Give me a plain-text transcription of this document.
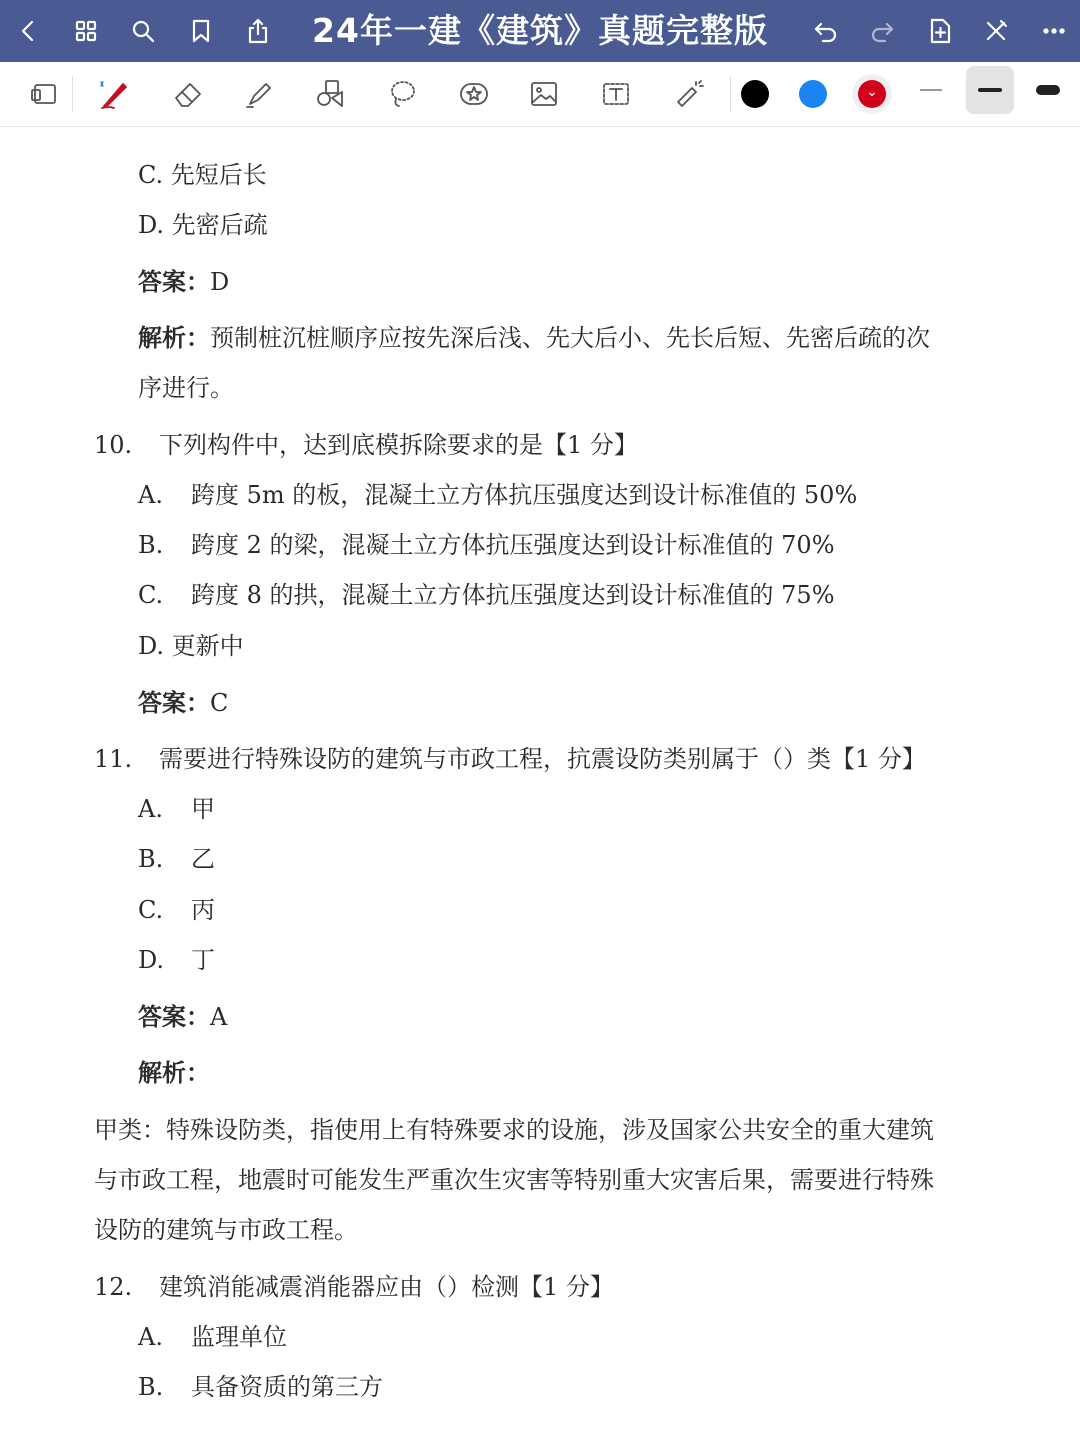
24年一建《建筑》真题完整版
⌄
C. 先短后长
D. 先密后疏
答案：D
解析：预制桩沉桩顺序应按先深后浅、先大后小、先长后短、先密后疏的次
序进行。
10. 下列构件中，达到底模拆除要求的是【1 分】
A. 跨度 5m 的板，混凝土立方体抗压强度达到设计标准值的 50%
B. 跨度 2 的梁，混凝土立方体抗压强度达到设计标准值的 70%
C. 跨度 8 的拱，混凝土立方体抗压强度达到设计标准值的 75%
D. 更新中
答案：C
11. 需要进行特殊设防的建筑与市政工程，抗震设防类别属于（）类【1 分】
A. 甲
B. 乙
C. 丙
D. 丁
答案：A
解析：
甲类：特殊设防类，指使用上有特殊要求的设施，涉及国家公共安全的重大建筑
与市政工程，地震时可能发生严重次生灾害等特别重大灾害后果，需要进行特殊
设防的建筑与市政工程。
12. 建筑消能减震消能器应由（）检测【1 分】
A. 监理单位
B. 具备资质的第三方
